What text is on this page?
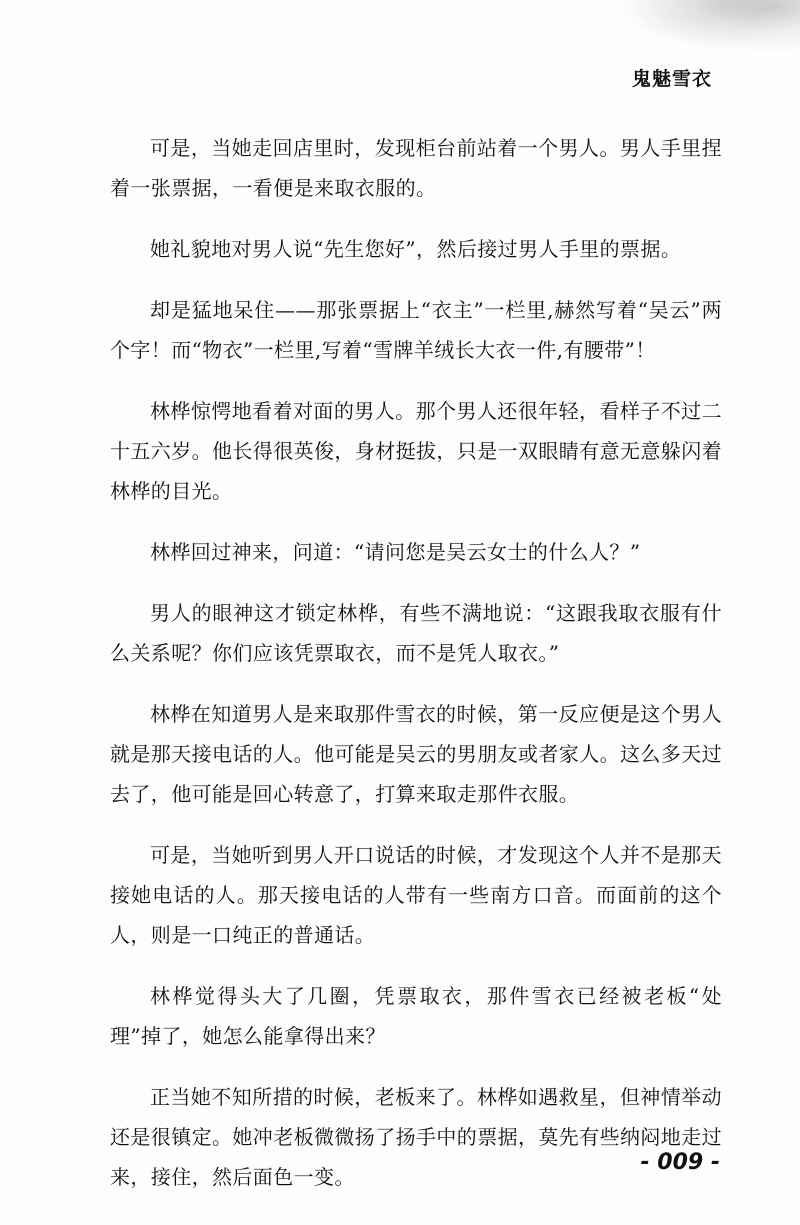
鬼魅雪衣

可是，当她走回店里时，发现柜台前站着一个男人。男人手里捏着一张票据，一看便是来取衣服的。

她礼貌地对男人说“先生您好”，然后接过男人手里的票据。

却是猛地呆住——那张票据上“衣主”一栏里,赫然写着“吴云”两个字！而“物衣”一栏里,写着“雪牌羊绒长大衣一件,有腰带”！

林桦惊愕地看着对面的男人。那个男人还很年轻，看样子不过二十五六岁。他长得很英俊，身材挺拔，只是一双眼睛有意无意躲闪着林桦的目光。

林桦回过神来，问道：“请问您是吴云女士的什么人？”

男人的眼神这才锁定林桦，有些不满地说：“这跟我取衣服有什么关系呢？你们应该凭票取衣，而不是凭人取衣。”

林桦在知道男人是来取那件雪衣的时候，第一反应便是这个男人就是那天接电话的人。他可能是吴云的男朋友或者家人。这么多天过去了，他可能是回心转意了，打算来取走那件衣服。

可是，当她听到男人开口说话的时候，才发现这个人并不是那天接她电话的人。那天接电话的人带有一些南方口音。而面前的这个人，则是一口纯正的普通话。

林桦觉得头大了几圈，凭票取衣，那件雪衣已经被老板“处理”掉了，她怎么能拿得出来？

正当她不知所措的时候，老板来了。林桦如遇救星，但神情举动还是很镇定。她冲老板微微扬了扬手中的票据，莫先有些纳闷地走过来，接住，然后面色一变。

- 009 -
